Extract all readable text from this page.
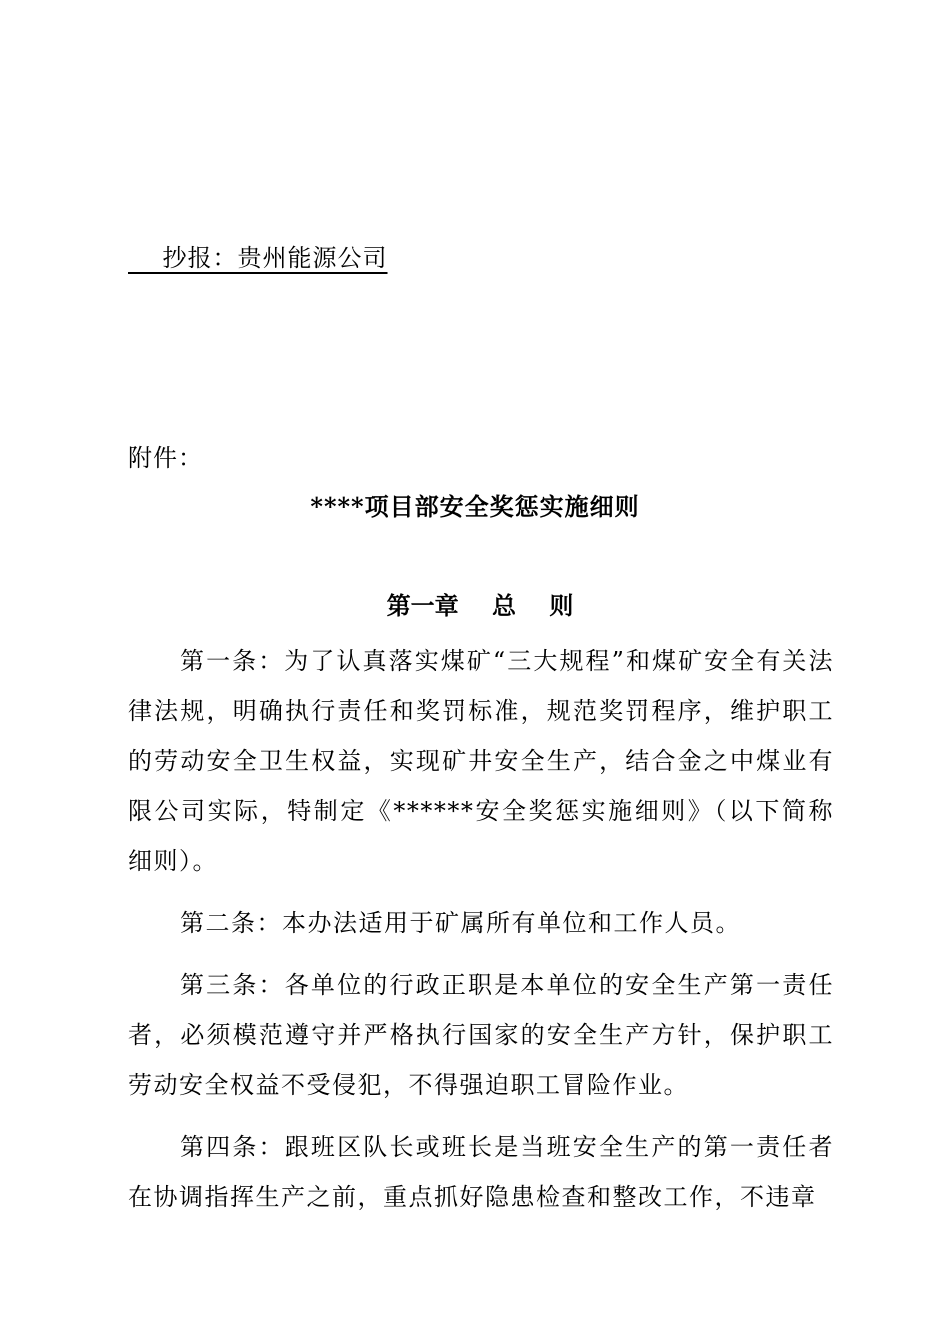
抄报：贵州能源公司
附件：
****项目部安全奖惩实施细则
第一章    总    则

第一条：为了认真落实煤矿“三大规程”和煤矿安全有关法律法规，明确执行责任和奖罚标准，规范奖罚程序，维护职工的劳动安全卫生权益，实现矿井安全生产，结合金之中煤业有限公司实际，特制定《******安全奖惩实施细则》（以下简称细则）。

第二条：本办法适用于矿属所有单位和工作人员。

第三条：各单位的行政正职是本单位的安全生产第一责任者，必须模范遵守并严格执行国家的安全生产方针，保护职工劳动安全权益不受侵犯，不得强迫职工冒险作业。

第四条：跟班区队长或班长是当班安全生产的第一责任者在协调指挥生产之前，重点抓好隐患检查和整改工作，不违章
